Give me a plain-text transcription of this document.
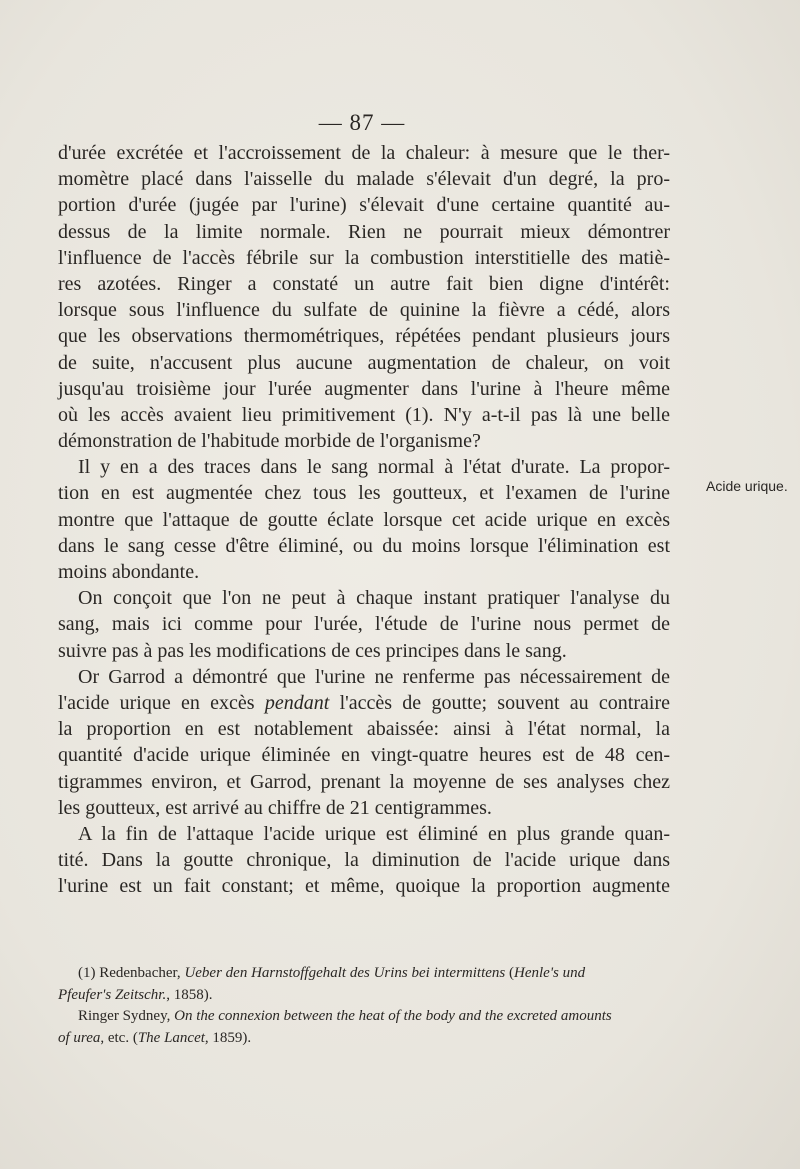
— 87 —
Acide urique.
d'urée excrétée et l'accroissement de la chaleur: à mesure que le ther-
momètre placé dans l'aisselle du malade s'élevait d'un degré, la pro-
portion d'urée (jugée par l'urine) s'élevait d'une certaine quantité au-
dessus de la limite normale. Rien ne pourrait mieux démontrer
l'influence de l'accès fébrile sur la combustion interstitielle des matiè-
res azotées. Ringer a constaté un autre fait bien digne d'intérêt:
lorsque sous l'influence du sulfate de quinine la fièvre a cédé, alors
que les observations thermométriques, répétées pendant plusieurs jours
de suite, n'accusent plus aucune augmentation de chaleur, on voit
jusqu'au troisième jour l'urée augmenter dans l'urine à l'heure même
où les accès avaient lieu primitivement (1). N'y a-t-il pas là une belle
démonstration de l'habitude morbide de l'organisme?
Il y en a des traces dans le sang normal à l'état d'urate. La propor-
tion en est augmentée chez tous les goutteux, et l'examen de l'urine
montre que l'attaque de goutte éclate lorsque cet acide urique en excès
dans le sang cesse d'être éliminé, ou du moins lorsque l'élimination est
moins abondante.
On conçoit que l'on ne peut à chaque instant pratiquer l'analyse du
sang, mais ici comme pour l'urée, l'étude de l'urine nous permet de
suivre pas à pas les modifications de ces principes dans le sang.
Or Garrod a démontré que l'urine ne renferme pas nécessairement de
l'acide urique en excès pendant l'accès de goutte; souvent au contraire
la proportion en est notablement abaissée: ainsi à l'état normal, la
quantité d'acide urique éliminée en vingt-quatre heures est de 48 cen-
tigrammes environ, et Garrod, prenant la moyenne de ses analyses chez
les goutteux, est arrivé au chiffre de 21 centigrammes.
A la fin de l'attaque l'acide urique est éliminé en plus grande quan-
tité. Dans la goutte chronique, la diminution de l'acide urique dans
l'urine est un fait constant; et même, quoique la proportion augmente
(1) Redenbacher, Ueber den Harnstoffgehalt des Urins bei intermittens (Henle's und
Pfeufer's Zeitschr., 1858).
Ringer Sydney, On the connexion between the heat of the body and the excreted amounts
of urea, etc. (The Lancet, 1859).
